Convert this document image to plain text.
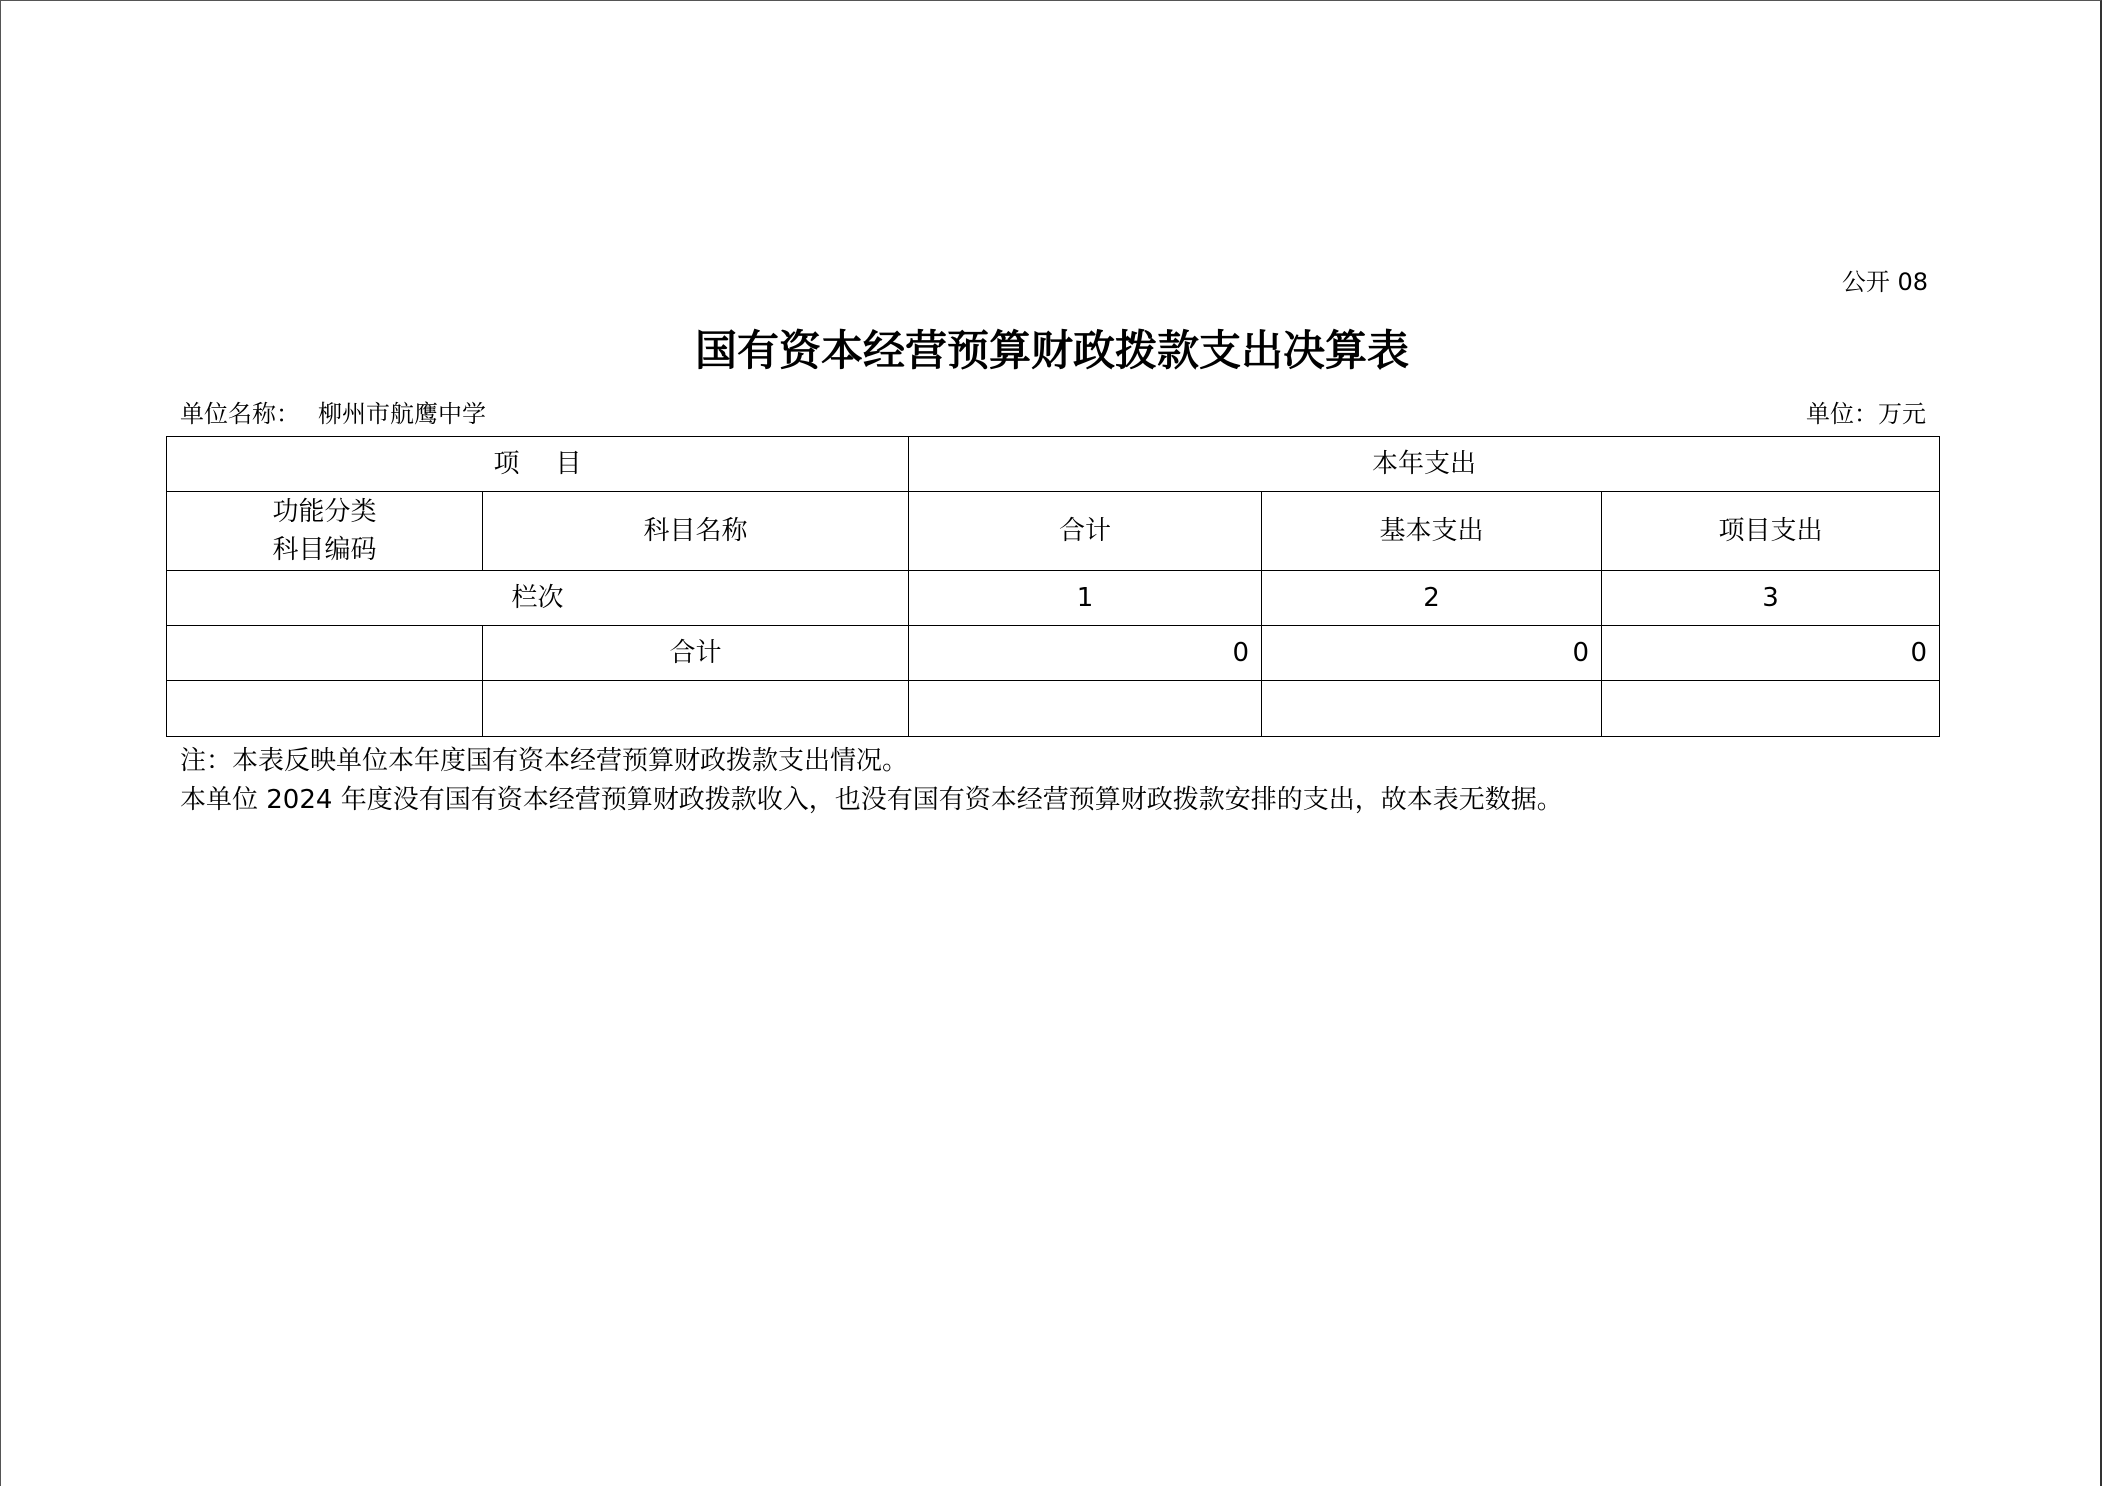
公开 08
国有资本经营预算财政拨款支出决算表
单位名称： 柳州市航鹰中学	单位：万元
项目		本年支出		

功能分类
科目编码	科目名称	合计	基本支出	项目支出
栏次		1	2	3
	合计	0	0	0

注：本表反映单位本年度国有资本经营预算财政拨款支出情况。
本单位 2024 年度没有国有资本经营预算财政拨款收入，也没有国有资本经营预算财政拨款安排的支出，故本表无数据。
